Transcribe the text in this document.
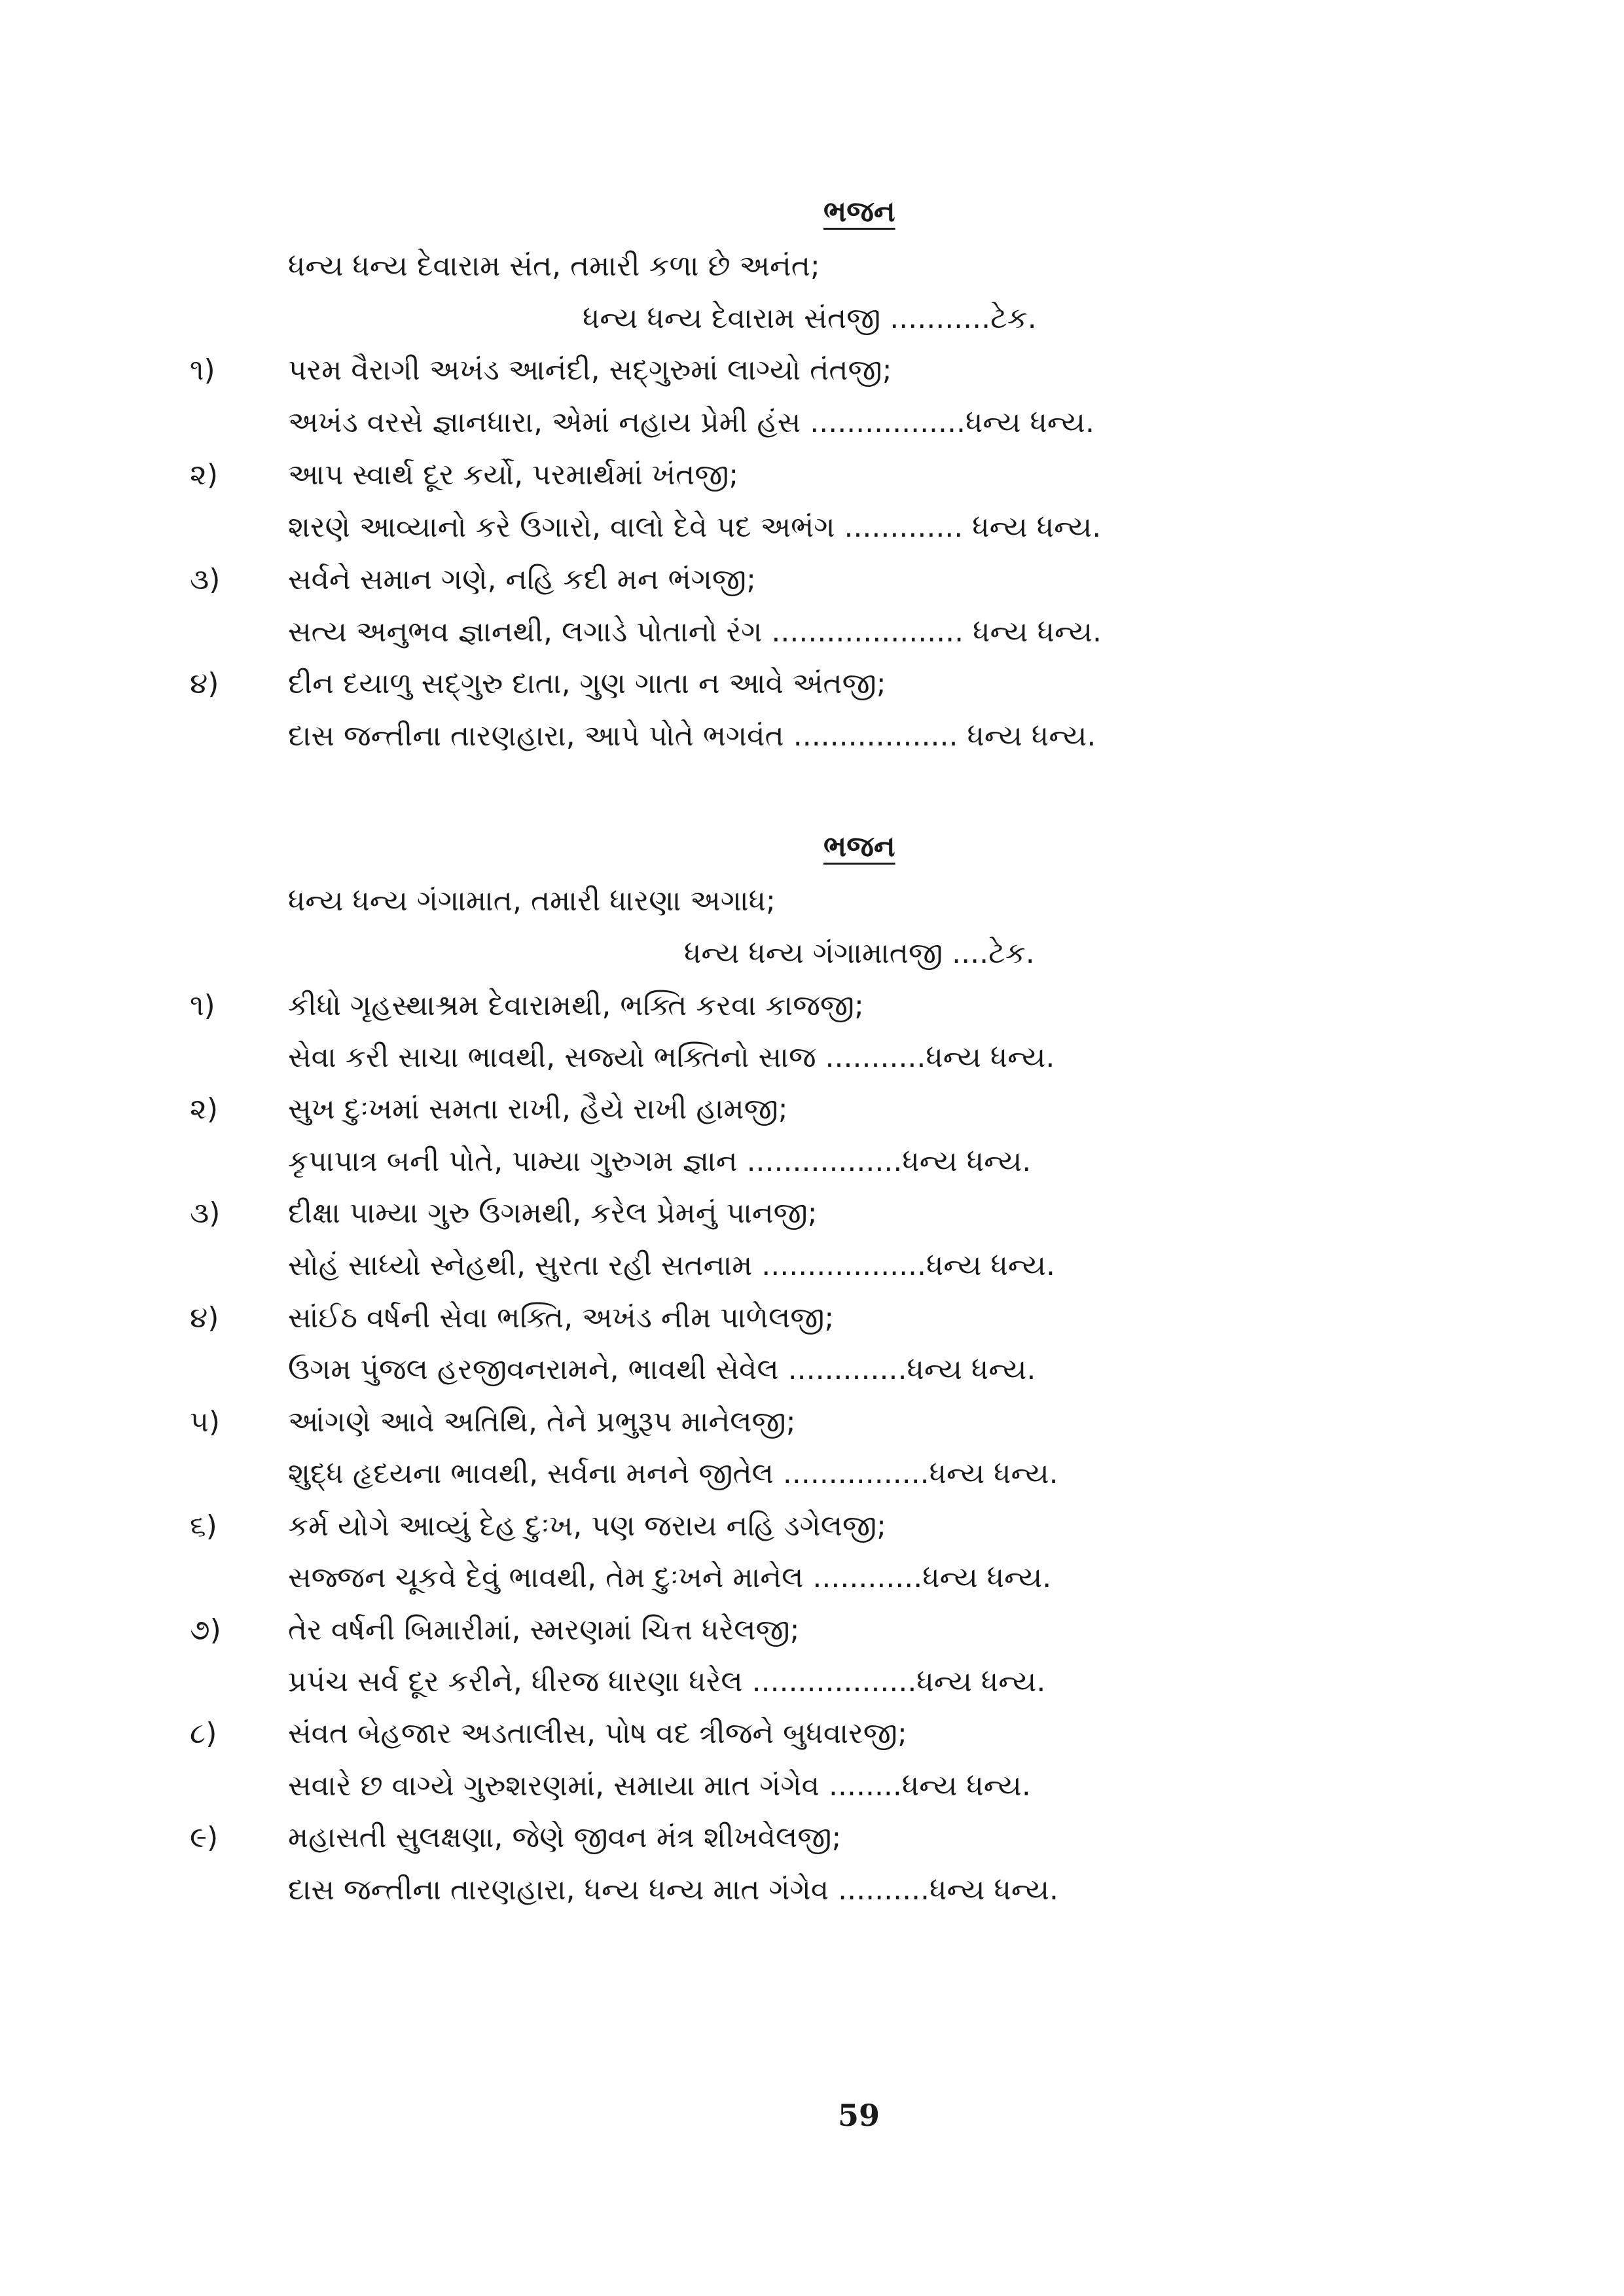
ભજન
ધન્ય ધન્ય દેવારામ સંત, તમારી કળા છે અનંત;
ધન્ય ધન્ય દેવારામ સંતજી ...........ટેક.
૧)	પરમ વૈરાગી અખંડ આનંદી, સદ્ગુરુમાં લાગ્યો તંતજી;
અખંડ વરસે જ્ઞાનધારા, એમાં નહાય પ્રેમી હંસ .................ધન્ય ધન્ય.
૨) આપ સ્વાર્થ દૂર કર્યો, પરમાર્થમાં ખંતજી;
શરણે આવ્યાનો કરે ઉગારો, વાલો દેવે પદ અભંગ ............. ધન્ય ધન્ય.
૩) સર્વને સમાન ગણે, નહિ કદી મન ભંગજી;
સત્ય અનુભવ જ્ઞાનથી, લગાડે પોતાનો રંગ ..................... ધન્ય ધન્ય.
૪) દીન દયાળુ સદ્ગુરુ દાતા, ગુણ ગાતા ન આવે અંતજી;
દાસ જન્તીના તારણહારા, આપે પોતે ભગવંત .................. ધન્ય ધન્ય.
ભજન
ધન્ય ધન્ય ગંગામાત, તમારી ધારણા અગાધ;
ધન્ય ધન્ય ગંગામાતજી ....ટેક.
૧)	કીધો ગૃહસ્થાશ્રમ દેવારામથી, ભક્તિ કરવા કાજજી;
સેવા કરી સાચા ભાવથી, સજ્યો ભક્તિનો સાજ ...........ધન્ય ધન્ય.
૨) સુખ દુઃખમાં સમતા રાખી, હૈયે રાખી હામજી;
કૃપાપાત્ર બની પોતે, પામ્યા ગુરુગમ જ્ઞાન .................ધન્ય ધન્ય.
૩) દીક્ષા પામ્યા ગુરુ ઉગમથી, કરેલ પ્રેમનું પાનજી;
સોહં સાધ્યો સ્નેહથી, સુરતા રહી સતનામ ..................ધન્ય ધન્ય.
૪) સાંઈઠ વર્ષની સેવા ભક્તિ, અખંડ નીમ પાળેલજી;
ઉગમ પુંજલ હરજીવનરામને, ભાવથી સેવેલ .............ધન્ય ધન્ય.
૫) આંગણે આવે અતિથિ, તેને પ્રભુરૂપ માનેલજી;
શુદ્ધ હૃદયના ભાવથી, સર્વના મનને જીતેલ ................ધન્ય ધન્ય.
૬) કર્મ યોગે આવ્યું દેહ દુઃખ, પણ જરાય નહિ ડગેલજી;
સજ્જન ચૂકવે દેવું ભાવથી, તેમ દુઃખને માનેલ ............ધન્ય ધન્ય.
૭) તેર વર્ષની બિમારીમાં, સ્મરણમાં ચિત્ત ધરેલજી;
પ્રપંચ સર્વ દૂર કરીને, ધીરજ ધારણા ધરેલ ..................ધન્ય ધન્ય.
૮) સંવત બેહજાર અડતાલીસ, પોષ વદ ત્રીજને બુધવારજી;
સવારે છ વાગ્યે ગુરુશરણમાં, સમાયા માત ગંગેવ ........ધન્ય ધન્ય.
૯) મહાસતી સુલક્ષણા, જેણે જીવન મંત્ર શીખવેલજી;
દાસ જન્તીના તારણહારા, ધન્ય ધન્ય માત ગંગેવ ..........ધન્ય ધન્ય.
59
